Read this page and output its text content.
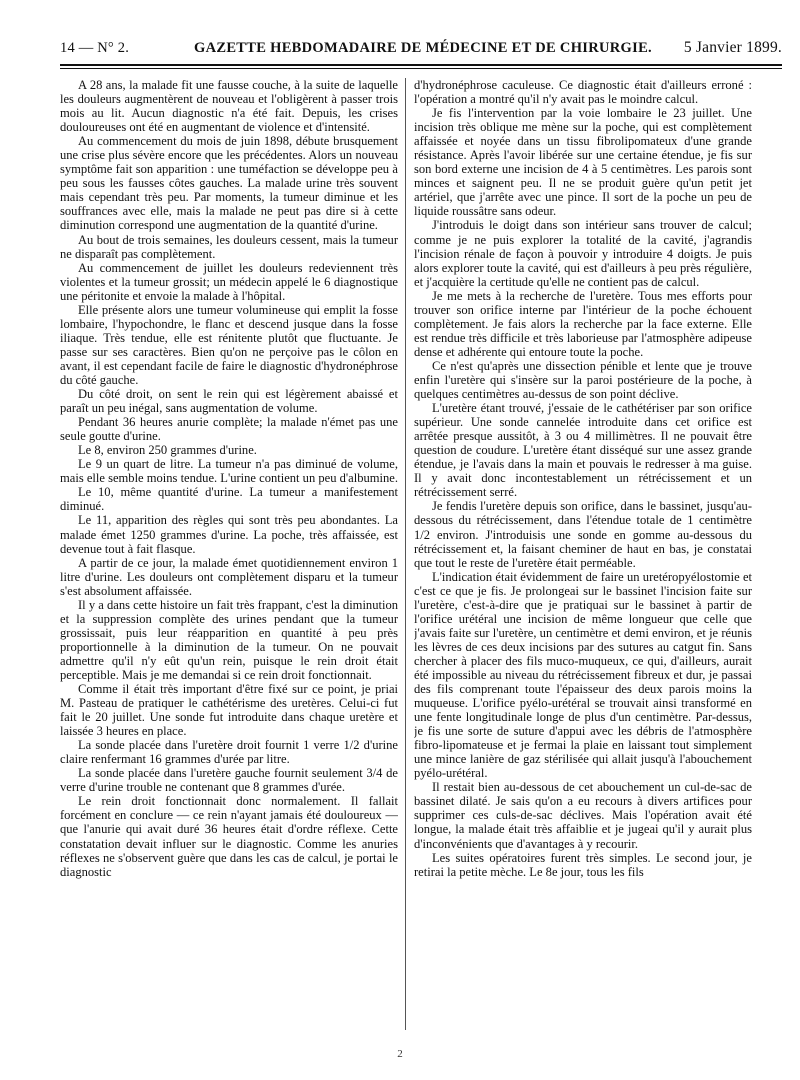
14 — N° 2.	GAZETTE HEBDOMADAIRE DE MÉDECINE ET DE CHIRURGIE. 5 Janvier 1899.

A 28 ans, la malade fit une fausse couche, à la suite de laquelle les douleurs augmentèrent de nouveau et l'obligèrent à passer trois mois au lit. Aucun diagnostic n'a été fait. Depuis, les crises douloureuses ont été en augmentant de violence et d'intensité.

Au commencement du mois de juin 1898, débute brusquement une crise plus sévère encore que les précédentes. Alors un nouveau symptôme fait son apparition : une tuméfaction se développe peu à peu sous les fausses côtes gauches. La malade urine très souvent mais cependant très peu. Par moments, la tumeur diminue et les souffrances avec elle, mais la malade ne peut pas dire si à cette diminution correspond une augmentation de la quantité d'urine.

Au bout de trois semaines, les douleurs cessent, mais la tumeur ne disparaît pas complètement.

Au commencement de juillet les douleurs redeviennent très violentes et la tumeur grossit; un médecin appelé le 6 diagnostique une péritonite et envoie la malade à l'hôpital.

Elle présente alors une tumeur volumineuse qui emplit la fosse lombaire, l'hypochondre, le flanc et descend jusque dans la fosse iliaque. Très tendue, elle est rénitente plutôt que fluctuante. Je passe sur ses caractères. Bien qu'on ne perçoive pas le côlon en avant, il est cependant facile de faire le diagnostic d'hydronéphrose du côté gauche.

Du côté droit, on sent le rein qui est légèrement abaissé et paraît un peu inégal, sans augmentation de volume.

Pendant 36 heures anurie complète; la malade n'émet pas une seule goutte d'urine.

Le 8, environ 250 grammes d'urine.

Le 9 un quart de litre. La tumeur n'a pas diminué de volume, mais elle semble moins tendue. L'urine contient un peu d'albumine.

Le 10, même quantité d'urine. La tumeur a manifestement diminué.

Le 11, apparition des règles qui sont très peu abondantes. La malade émet 1250 grammes d'urine. La poche, très affaissée, est devenue tout à fait flasque.

A partir de ce jour, la malade émet quotidiennement environ 1 litre d'urine. Les douleurs ont complètement disparu et la tumeur s'est absolument affaissée.

Il y a dans cette histoire un fait très frappant, c'est la diminution et la suppression complète des urines pendant que la tumeur grossissait, puis leur réapparition en quantité à peu près proportionnelle à la diminution de la tumeur. On ne pouvait admettre qu'il n'y eût qu'un rein, puisque le rein droit était perceptible. Mais je me demandai si ce rein droit fonctionnait.

Comme il était très important d'être fixé sur ce point, je priai M. Pasteau de pratiquer le cathétérisme des uretères. Celui-ci fut fait le 20 juillet. Une sonde fut introduite dans chaque uretère et laissée 3 heures en place.

La sonde placée dans l'uretère droit fournit 1 verre 1/2 d'urine claire renfermant 16 grammes d'urée par litre.

La sonde placée dans l'uretère gauche fournit seulement 3/4 de verre d'urine trouble ne contenant que 8 grammes d'urée.

Le rein droit fonctionnait donc normalement. Il fallait forcément en conclure — ce rein n'ayant jamais été douloureux — que l'anurie qui avait duré 36 heures était d'ordre réflexe. Cette constatation devait influer sur le diagnostic. Comme les anuries réflexes ne s'observent guère que dans les cas de calcul, je portai le diagnostic

d'hydronéphrose caculeuse. Ce diagnostic était d'ailleurs erroné : l'opération a montré qu'il n'y avait pas le moindre calcul.

Je fis l'intervention par la voie lombaire le 23 juillet. Une incision très oblique me mène sur la poche, qui est complètement affaissée et noyée dans un tissu fibrolipomateux d'une grande résistance. Après l'avoir libérée sur une certaine étendue, je fis sur son bord externe une incision de 4 à 5 centimètres. Les parois sont minces et saignent peu. Il ne se produit guère qu'un petit jet artériel, que j'arrête avec une pince. Il sort de la poche un peu de liquide roussâtre sans odeur.

J'introduis le doigt dans son intérieur sans trouver de calcul; comme je ne puis explorer la totalité de la cavité, j'agrandis l'incision rénale de façon à pouvoir y introduire 4 doigts. Je puis alors explorer toute la cavité, qui est d'ailleurs à peu près régulière, et j'acquière la certitude qu'elle ne contient pas de calcul.

Je me mets à la recherche de l'uretère. Tous mes efforts pour trouver son orifice interne par l'intérieur de la poche échouent complètement. Je fais alors la recherche par la face externe. Elle est rendue très difficile et très laborieuse par l'atmosphère adipeuse dense et adhérente qui entoure toute la poche.

Ce n'est qu'après une dissection pénible et lente que je trouve enfin l'uretère qui s'insère sur la paroi postérieure de la poche, à quelques centimètres au-dessus de son point déclive.

L'uretère étant trouvé, j'essaie de le cathétériser par son orifice supérieur. Une sonde cannelée introduite dans cet orifice est arrêtée presque aussitôt, à 3 ou 4 millimètres. Il ne pouvait être question de coudure. L'uretère étant disséqué sur une assez grande étendue, je l'avais dans la main et pouvais le redresser à ma guise. Il y avait donc incontestablement un rétrécissement et un rétrécissement serré.

Je fendis l'uretère depuis son orifice, dans le bassinet, jusqu'au-dessous du rétrécissement, dans l'étendue totale de 1 centimètre 1/2 environ. J'introduisis une sonde en gomme au-dessous du rétrécissement et, la faisant cheminer de haut en bas, je constatai que tout le reste de l'uretère était perméable.

L'indication était évidemment de faire un uretéropyélostomie et c'est ce que je fis. Je prolongeai sur le bassinet l'incision faite sur l'uretère, c'est-à-dire que je pratiquai sur le bassinet à partir de l'orifice urétéral une incision de même longueur que celle que j'avais faite sur l'uretère, un centimètre et demi environ, et je réunis les lèvres de ces deux incisions par des sutures au catgut fin. Sans chercher à placer des fils muco-muqueux, ce qui, d'ailleurs, aurait été impossible au niveau du rétrécissement fibreux et dur, je passai des fils comprenant toute l'épaisseur des deux parois moins la muqueuse. L'orifice pyélo-urétéral se trouvait ainsi transformé en une fente longitudinale longe de plus d'un centimètre. Par-dessus, je fis une sorte de suture d'appui avec les débris de l'atmosphère fibro-lipomateuse et je fermai la plaie en laissant tout simplement une mince lanière de gaz stérilisée qui allait jusqu'à l'abouchement pyélo-urétéral.

Il restait bien au-dessous de cet abouchement un cul-de-sac de bassinet dilaté. Je sais qu'on a eu recours à divers artifices pour supprimer ces culs-de-sac déclives. Mais l'opération avait été longue, la malade était très affaiblie et je jugeai qu'il y aurait plus d'inconvénients que d'avantages à y recourir.

Les suites opératoires furent très simples. Le second jour, je retirai la petite mèche. Le 8e jour, tous les fils

2
